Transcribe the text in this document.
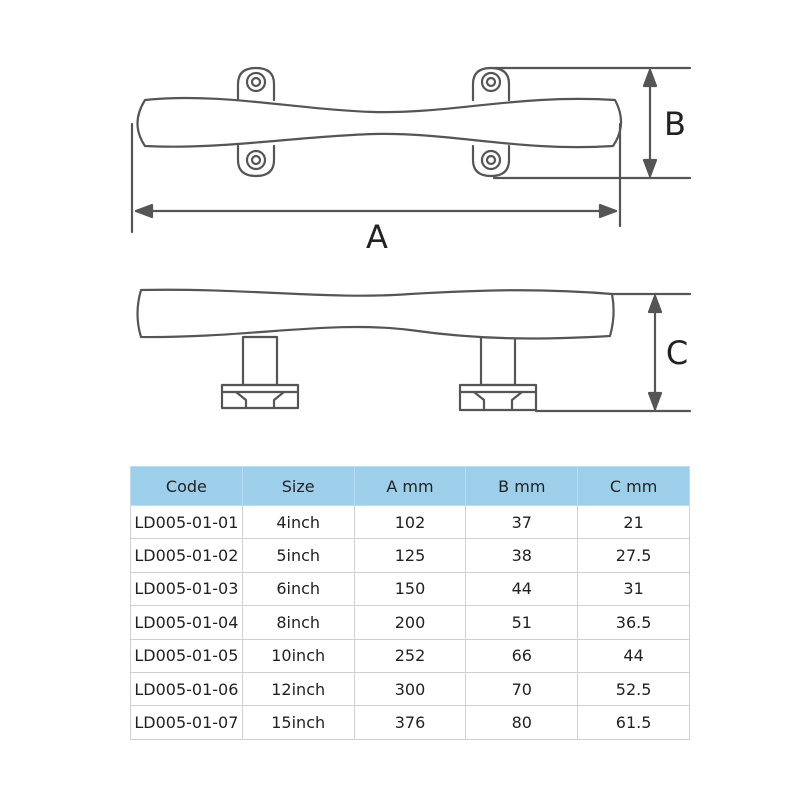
A
B
C
Code	Size	A mm	B mm	C mm
LD005-01-01	4inch	102	37	21
LD005-01-02	5inch	125	38	27.5
LD005-01-03	6inch	150	44	31
LD005-01-04	8inch	200	51	36.5
LD005-01-05	10inch	252	66	44
LD005-01-06	12inch	300	70	52.5
LD005-01-07	15inch	376	80	61.5
